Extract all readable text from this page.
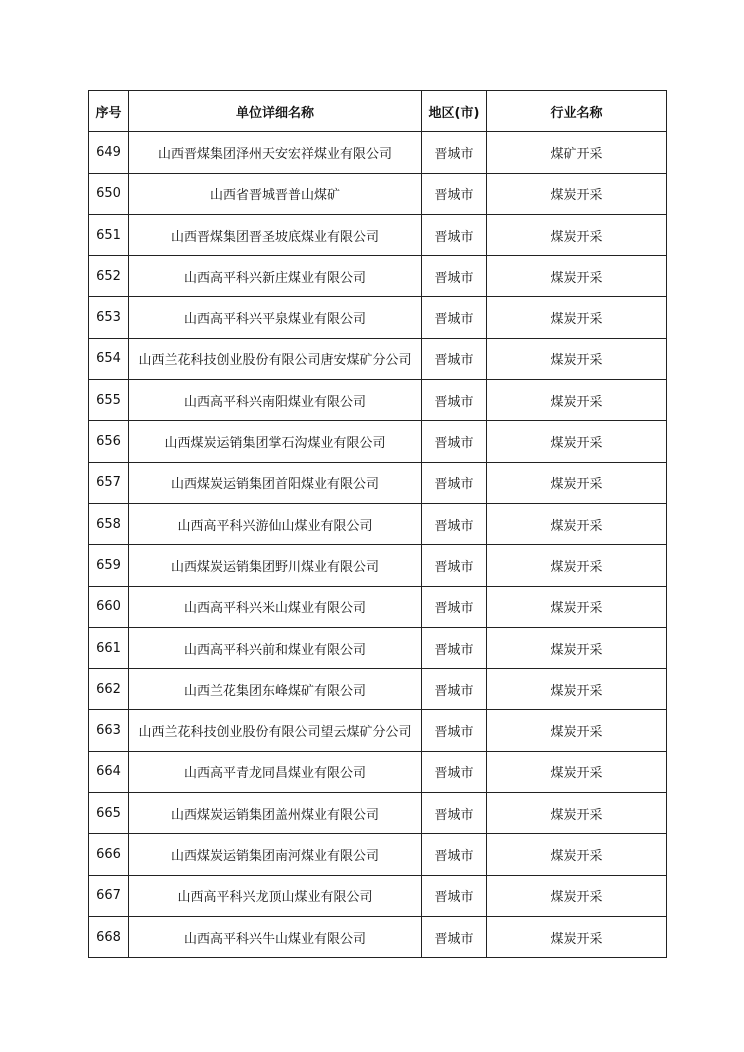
序号	单位详细名称	地区(市)	行业名称
649	山西晋煤集团泽州天安宏祥煤业有限公司	晋城市	煤矿开采
650	山西省晋城晋普山煤矿	晋城市	煤炭开采
651	山西晋煤集团晋圣坡底煤业有限公司	晋城市	煤炭开采
652	山西高平科兴新庄煤业有限公司	晋城市	煤炭开采
653	山西高平科兴平泉煤业有限公司	晋城市	煤炭开采
654	山西兰花科技创业股份有限公司唐安煤矿分公司	晋城市	煤炭开采
655	山西高平科兴南阳煤业有限公司	晋城市	煤炭开采
656	山西煤炭运销集团掌石沟煤业有限公司	晋城市	煤炭开采
657	山西煤炭运销集团首阳煤业有限公司	晋城市	煤炭开采
658	山西高平科兴游仙山煤业有限公司	晋城市	煤炭开采
659	山西煤炭运销集团野川煤业有限公司	晋城市	煤炭开采
660	山西高平科兴米山煤业有限公司	晋城市	煤炭开采
661	山西高平科兴前和煤业有限公司	晋城市	煤炭开采
662	山西兰花集团东峰煤矿有限公司	晋城市	煤炭开采
663	山西兰花科技创业股份有限公司望云煤矿分公司	晋城市	煤炭开采
664	山西高平青龙同昌煤业有限公司	晋城市	煤炭开采
665	山西煤炭运销集团盖州煤业有限公司	晋城市	煤炭开采
666	山西煤炭运销集团南河煤业有限公司	晋城市	煤炭开采
667	山西高平科兴龙顶山煤业有限公司	晋城市	煤炭开采
668	山西高平科兴牛山煤业有限公司	晋城市	煤炭开采
